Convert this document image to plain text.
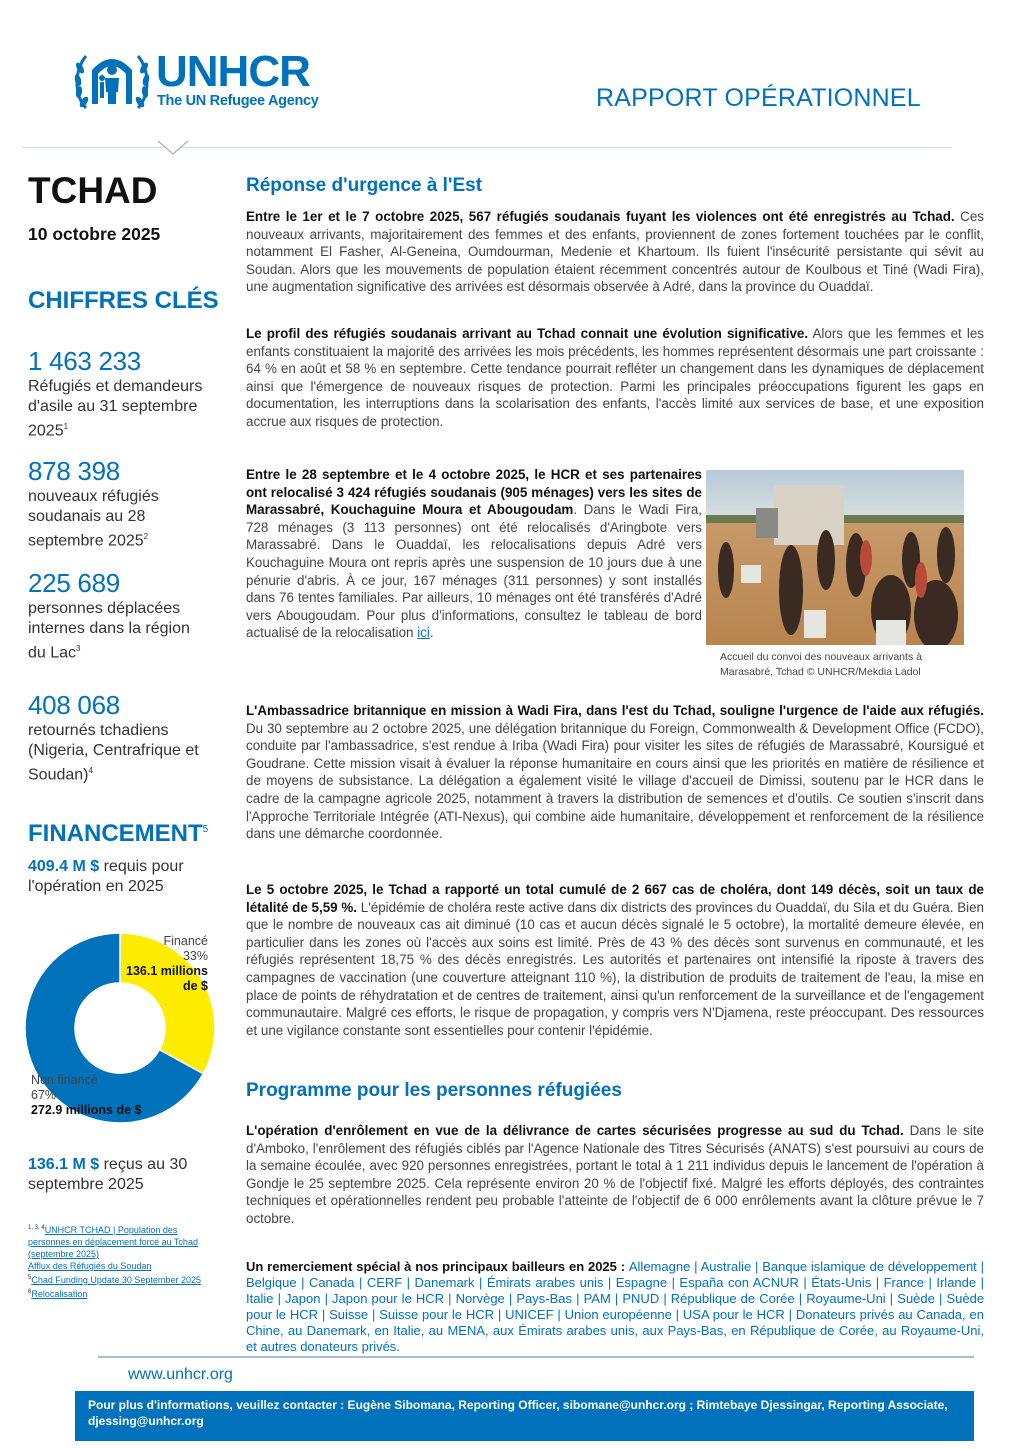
UNHCR
The UN Refugee Agency	RAPPORT OPÉRATIONNEL
TCHAD
10 octobre 2025
CHIFFRES CLÉS
1 463 233
Réfugiés et demandeurs d'asile au 31 septembre 2025$^1$
878 398
nouveaux réfugiés soudanais au 28 septembre 2025$^2$
225 689
personnes déplacées internes dans la région du Lac$^3$
408 068
retournés tchadiens (Nigeria, Centrafrique et Soudan)$^4$
FINANCEMENT$^5$
409.4 M $ requis pour l'opération en 2025
Financé
33%
136.1 millions de $
Non financé
67%
272.9 millions de $
136.1 M $ reçus au 30 septembre 2025
$^{1, 3, 4}$UNHCR TCHAD | Population des personnes en déplacement forcé au Tchad (septembre 2025)
Afflux des Réfugiés du Soudan
$^5$Chad Funding Update 30 September 2025
$^6$Relocalisation
Réponse d'urgence à l'Est

Entre le 1er et le 7 octobre 2025, 567 réfugiés soudanais fuyant les violences ont été enregistrés au Tchad. Ces nouveaux arrivants, majoritairement des femmes et des enfants, proviennent de zones fortement touchées par le conflit, notamment El Fasher, Al-Geneina, Oumdourman, Medenie et Khartoum. Ils fuient l'insécurité persistante qui sévit au Soudan. Alors que les mouvements de population étaient récemment concentrés autour de Koulbous et Tiné (Wadi Fira), une augmentation significative des arrivées est désormais observée à Adré, dans la province du Ouaddaï.

Le profil des réfugiés soudanais arrivant au Tchad connait une évolution significative. Alors que les femmes et les enfants constituaient la majorité des arrivées les mois précédents, les hommes représentent désormais une part croissante : 64 % en août et 58 % en septembre. Cette tendance pourrait refléter un changement dans les dynamiques de déplacement ainsi que l'émergence de nouveaux risques de protection. Parmi les principales préoccupations figurent les gaps en documentation, les interruptions dans la scolarisation des enfants, l'accès limité aux services de base, et une exposition accrue aux risques de protection.

Entre le 28 septembre et le 4 octobre 2025, le HCR et ses partenaires ont relocalisé 3 424 réfugiés soudanais (905 ménages) vers les sites de Marassabré, Kouchaguine Moura et Abougoudam. Dans le Wadi Fira, 728 ménages (3 113 personnes) ont été relocalisés d'Aringbote vers Marassabré. Dans le Ouaddaï, les relocalisations depuis Adré vers Kouchaguine Moura ont repris après une suspension de 10 jours due à une pénurie d'abris. À ce jour, 167 ménages (311 personnes) y sont installés dans 76 tentes familiales. Par ailleurs, 10 ménages ont été transférés d'Adré vers Abougoudam. Pour plus d'informations, consultez le tableau de bord actualisé de la relocalisation ici.

Accueil du convoi des nouveaux arrivants à Marasabré, Tchad © UNHCR/Mekdia Ladol

L'Ambassadrice britannique en mission à Wadi Fira, dans l'est du Tchad, souligne l'urgence de l'aide aux réfugiés. Du 30 septembre au 2 octobre 2025, une délégation britannique du Foreign, Commonwealth & Development Office (FCDO), conduite par l'ambassadrice, s'est rendue à Iriba (Wadi Fira) pour visiter les sites de réfugiés de Marassabré, Koursigué et Goudrane. Cette mission visait à évaluer la réponse humanitaire en cours ainsi que les priorités en matière de résilience et de moyens de subsistance. La délégation a également visité le village d'accueil de Dimissi, soutenu par le HCR dans le cadre de la campagne agricole 2025, notamment à travers la distribution de semences et d'outils. Ce soutien s'inscrit dans l'Approche Territoriale Intégrée (ATI-Nexus), qui combine aide humanitaire, développement et renforcement de la résilience dans une démarche coordonnée.

Le 5 octobre 2025, le Tchad a rapporté un total cumulé de 2 667 cas de choléra, dont 149 décès, soit un taux de létalité de 5,59 %. L'épidémie de choléra reste active dans dix districts des provinces du Ouaddaï, du Sila et du Guéra. Bien que le nombre de nouveaux cas ait diminué (10 cas et aucun décès signalé le 5 octobre), la mortalité demeure élevée, en particulier dans les zones où l'accès aux soins est limité. Près de 43 % des décès sont survenus en communauté, et les réfugiés représentent 18,75 % des décès enregistrés. Les autorités et partenaires ont intensifié la riposte à travers des campagnes de vaccination (une couverture atteignant 110 %), la distribution de produits de traitement de l'eau, la mise en place de points de réhydratation et de centres de traitement, ainsi qu'un renforcement de la surveillance et de l'engagement communautaire. Malgré ces efforts, le risque de propagation, y compris vers N'Djamena, reste préoccupant. Des ressources et une vigilance constante sont essentielles pour contenir l'épidémie.

Programme pour les personnes réfugiées

L'opération d'enrôlement en vue de la délivrance de cartes sécurisées progresse au sud du Tchad. Dans le site d'Amboko, l'enrôlement des réfugiés ciblés par l'Agence Nationale des Titres Sécurisés (ANATS) s'est poursuivi au cours de la semaine écoulée, avec 920 personnes enregistrées, portant le total à 1 211 individus depuis le lancement de l'opération à Gondje le 25 septembre 2025. Cela représente environ 20 % de l'objectif fixé. Malgré les efforts déployés, des contraintes techniques et opérationnelles rendent peu probable l'atteinte de l'objectif de 6 000 enrôlements avant la clôture prévue le 7 octobre.

Un remerciement spécial à nos principaux bailleurs en 2025 : Allemagne | Australie | Banque islamique de développement | Belgique | Canada | CERF | Danemark | Émirats arabes unis | Espagne | España con ACNUR | États-Unis | France | Irlande | Italie | Japon | Japon pour le HCR | Norvège | Pays-Bas | PAM | PNUD | République de Corée | Royaume-Uni | Suède | Suède pour le HCR | Suisse | Suisse pour le HCR | UNICEF | Union européenne | USA pour le HCR | Donateurs privés au Canada, en Chine, au Danemark, en Italie, au MENA, aux Émirats arabes unis, aux Pays-Bas, en République de Corée, au Royaume-Uni, et autres donateurs privés.

www.unhcr.org
Pour plus d'informations, veuillez contacter : Eugène Sibomana, Reporting Officer, sibomane@unhcr.org ; Rimtebaye Djessingar, Reporting Associate, djessing@unhcr.org
